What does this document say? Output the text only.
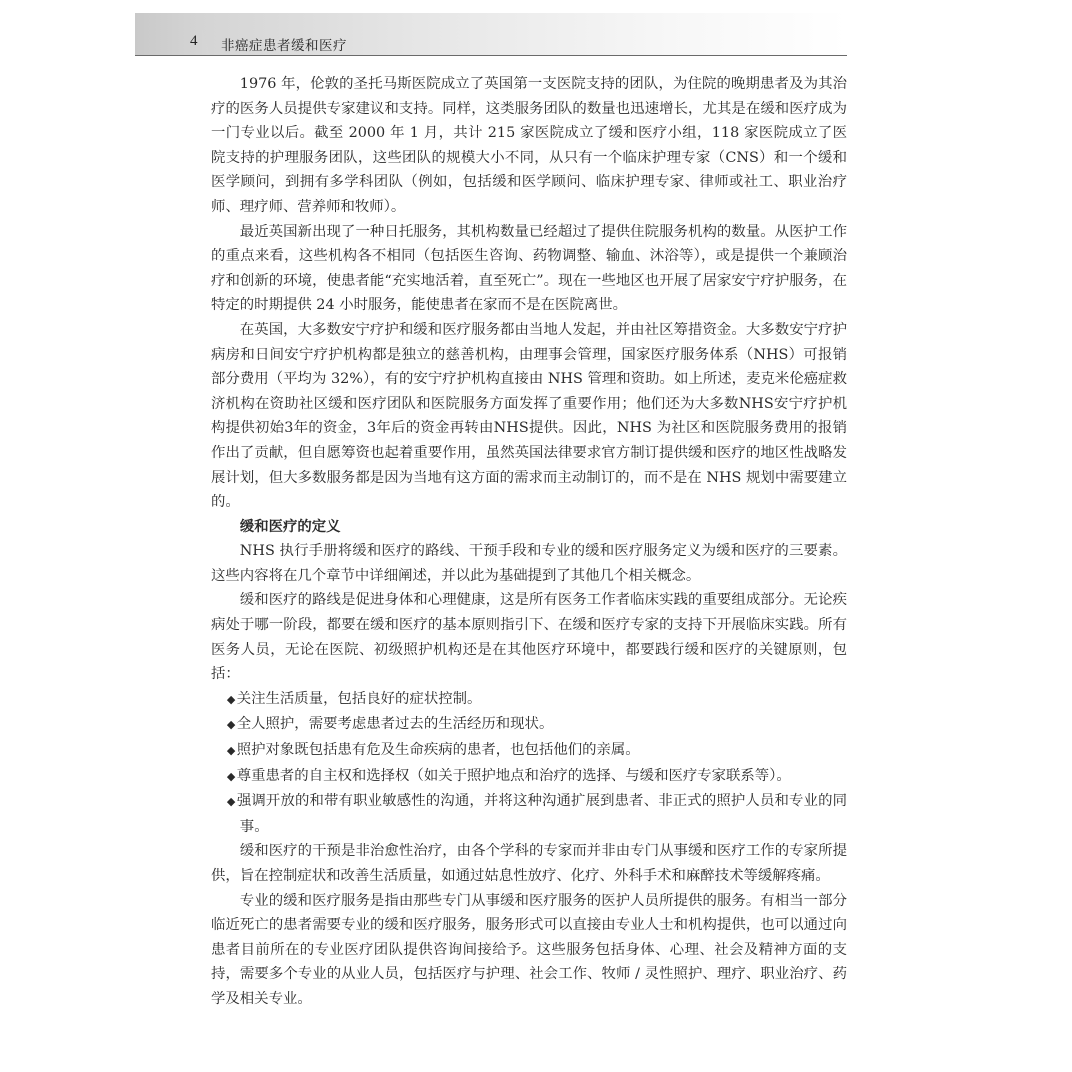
4 非癌症患者缓和医疗

1976 年，伦敦的圣托马斯医院成立了英国第一支医院支持的团队，为住院的晚期患者及为其治疗的医务人员提供专家建议和支持。同样，这类服务团队的数量也迅速增长，尤其是在缓和医疗成为一门专业以后。截至 2000 年 1 月，共计 215 家医院成立了缓和医疗小组，118 家医院成立了医院支持的护理服务团队，这些团队的规模大小不同，从只有一个临床护理专家（CNS）和一个缓和医学顾问，到拥有多学科团队（例如，包括缓和医学顾问、临床护理专家、律师或社工、职业治疗师、理疗师、营养师和牧师）。

最近英国新出现了一种日托服务，其机构数量已经超过了提供住院服务机构的数量。从医护工作的重点来看，这些机构各不相同（包括医生咨询、药物调整、输血、沐浴等），或是提供一个兼顾治疗和创新的环境，使患者能“充实地活着，直至死亡”。现在一些地区也开展了居家安宁疗护服务，在特定的时期提供 24 小时服务，能使患者在家而不是在医院离世。

在英国，大多数安宁疗护和缓和医疗服务都由当地人发起，并由社区筹措资金。大多数安宁疗护病房和日间安宁疗护机构都是独立的慈善机构，由理事会管理，国家医疗服务体系（NHS）可报销部分费用（平均为 32%），有的安宁疗护机构直接由 NHS 管理和资助。如上所述，麦克米伦癌症救济机构在资助社区缓和医疗团队和医院服务方面发挥了重要作用；他们还为大多数NHS安宁疗护机构提供初始3年的资金，3年后的资金再转由NHS提供。因此，NHS 为社区和医院服务费用的报销作出了贡献，但自愿筹资也起着重要作用，虽然英国法律要求官方制订提供缓和医疗的地区性战略发展计划，但大多数服务都是因为当地有这方面的需求而主动制订的，而不是在 NHS 规划中需要建立的。

缓和医疗的定义

NHS 执行手册将缓和医疗的路线、干预手段和专业的缓和医疗服务定义为缓和医疗的三要素。这些内容将在几个章节中详细阐述，并以此为基础提到了其他几个相关概念。

缓和医疗的路线是促进身体和心理健康，这是所有医务工作者临床实践的重要组成部分。无论疾病处于哪一阶段，都要在缓和医疗的基本原则指引下、在缓和医疗专家的支持下开展临床实践。所有医务人员，无论在医院、初级照护机构还是在其他医疗环境中，都要践行缓和医疗的关键原则，包括：

◆关注生活质量，包括良好的症状控制。
◆全人照护，需要考虑患者过去的生活经历和现状。
◆照护对象既包括患有危及生命疾病的患者，也包括他们的亲属。
◆尊重患者的自主权和选择权（如关于照护地点和治疗的选择、与缓和医疗专家联系等）。
◆强调开放的和带有职业敏感性的沟通，并将这种沟通扩展到患者、非正式的照护人员和专业的同事。

缓和医疗的干预是非治愈性治疗，由各个学科的专家而并非由专门从事缓和医疗工作的专家所提供，旨在控制症状和改善生活质量，如通过姑息性放疗、化疗、外科手术和麻醉技术等缓解疼痛。

专业的缓和医疗服务是指由那些专门从事缓和医疗服务的医护人员所提供的服务。有相当一部分临近死亡的患者需要专业的缓和医疗服务，服务形式可以直接由专业人士和机构提供，也可以通过向患者目前所在的专业医疗团队提供咨询间接给予。这些服务包括身体、心理、社会及精神方面的支持，需要多个专业的从业人员，包括医疗与护理、社会工作、牧师 / 灵性照护、理疗、职业治疗、药学及相关专业。
